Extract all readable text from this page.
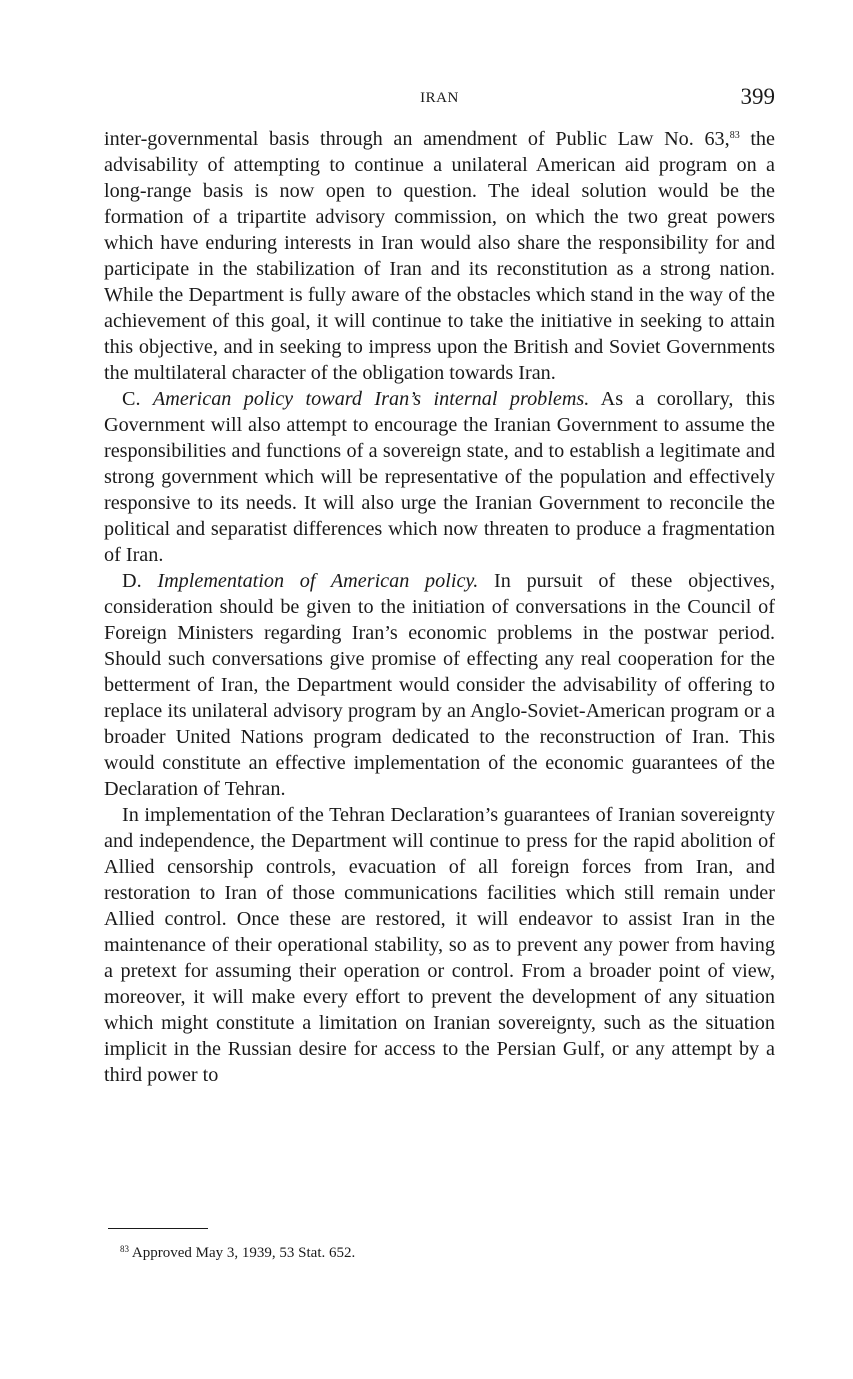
IRAN	399

inter-governmental basis through an amendment of Public Law No. 63,83 the advisability of attempting to continue a unilateral American aid program on a long-range basis is now open to question. The ideal solution would be the formation of a tripartite advisory commission, on which the two great powers which have enduring interests in Iran would also share the responsibility for and participate in the stabilization of Iran and its reconstitution as a strong nation. While the Department is fully aware of the obstacles which stand in the way of the achievement of this goal, it will continue to take the initiative in seeking to attain this objective, and in seeking to impress upon the British and Soviet Governments the multilateral character of the obligation towards Iran.

C. American policy toward Iran’s internal problems. As a corollary, this Government will also attempt to encourage the Iranian Government to assume the responsibilities and functions of a sovereign state, and to establish a legitimate and strong government which will be representative of the population and effectively responsive to its needs. It will also urge the Iranian Government to reconcile the political and separatist differences which now threaten to produce a fragmentation of Iran.

D. Implementation of American policy. In pursuit of these objectives, consideration should be given to the initiation of conversations in the Council of Foreign Ministers regarding Iran’s economic problems in the postwar period. Should such conversations give promise of effecting any real cooperation for the betterment of Iran, the Department would consider the advisability of offering to replace its unilateral advisory program by an Anglo-Soviet-American program or a broader United Nations program dedicated to the reconstruction of Iran. This would constitute an effective implementation of the economic guarantees of the Declaration of Tehran.

In implementation of the Tehran Declaration’s guarantees of Iranian sovereignty and independence, the Department will continue to press for the rapid abolition of Allied censorship controls, evacuation of all foreign forces from Iran, and restoration to Iran of those communications facilities which still remain under Allied control. Once these are restored, it will endeavor to assist Iran in the maintenance of their operational stability, so as to prevent any power from having a pretext for assuming their operation or control. From a broader point of view, moreover, it will make every effort to prevent the development of any situation which might constitute a limitation on Iranian sovereignty, such as the situation implicit in the Russian desire for access to the Persian Gulf, or any attempt by a third power to

$^{83}$ Approved May 3, 1939, 53 Stat. 652.
